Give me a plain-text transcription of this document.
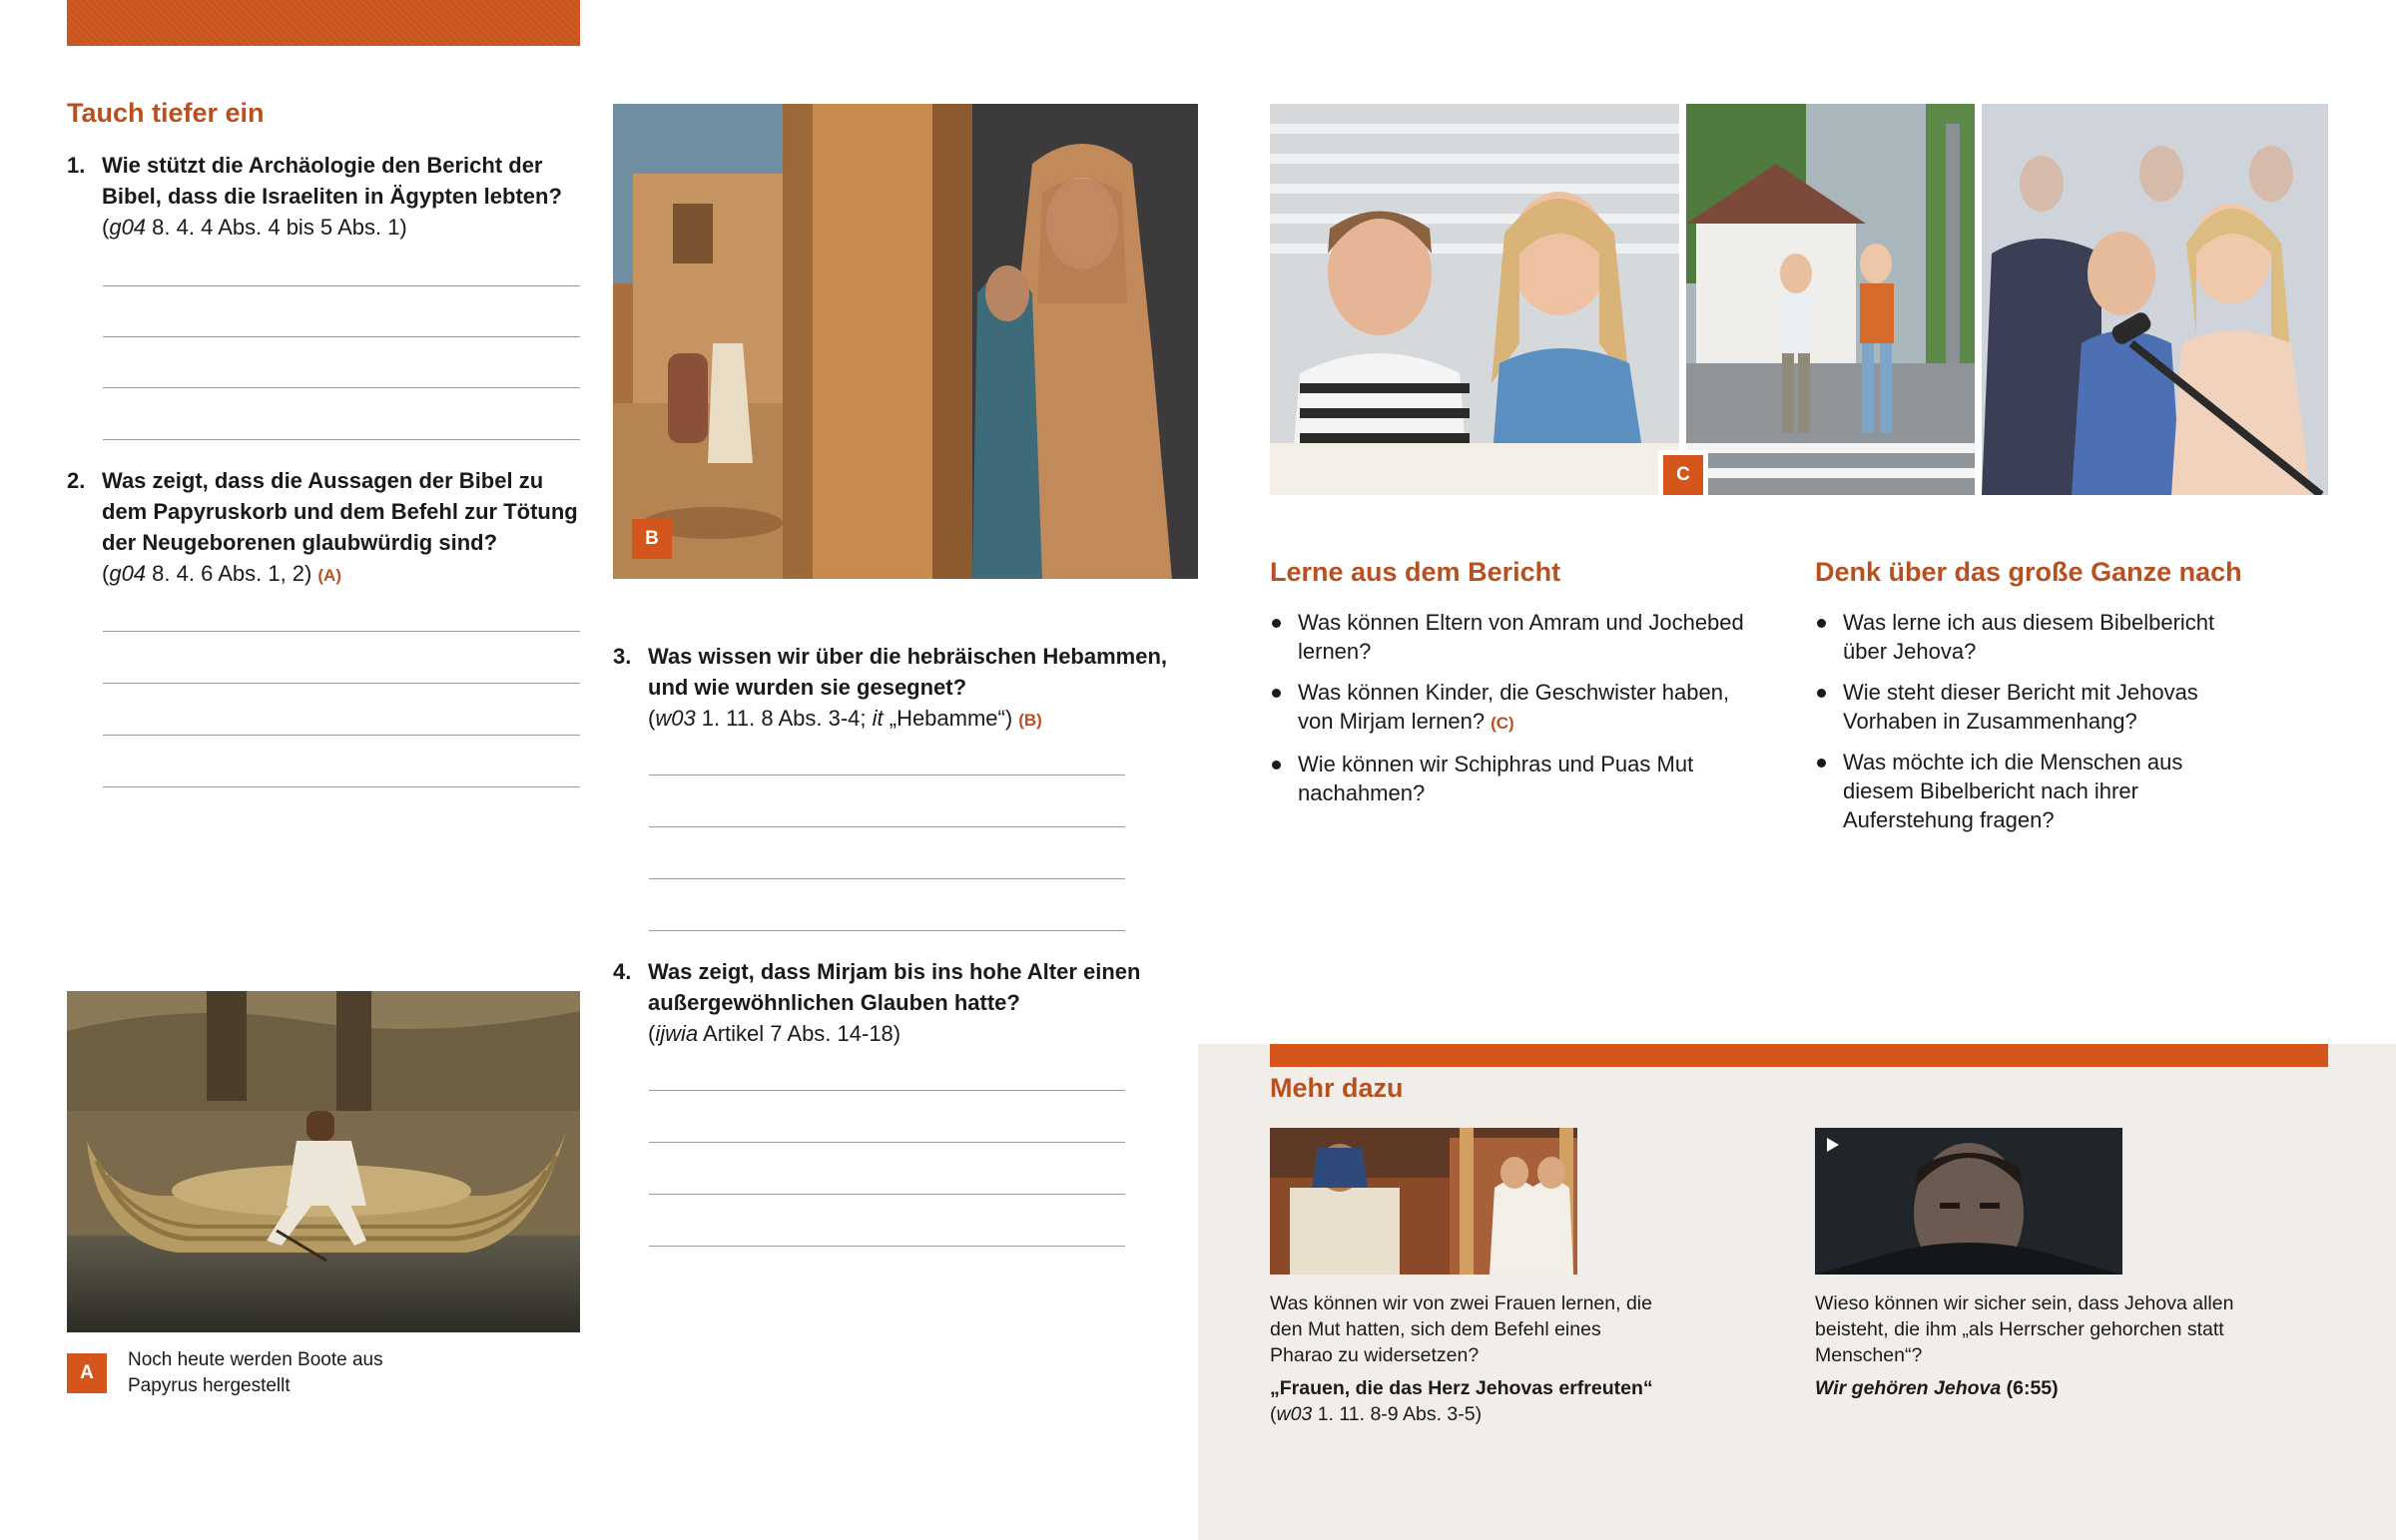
Tauch tiefer ein
1. Wie stützt die Archäologie den Bericht der Bibel, dass die Israeliten in Ägypten lebten?
(g04 8. 4. 4 Abs. 4 bis 5 Abs. 1)
2. Was zeigt, dass die Aussagen der Bibel zu dem Papyruskorb und dem Befehl zur Tötung der Neugeborenen glaubwürdig sind?
(g04 8. 4. 6 Abs. 1, 2) (A)
A
Noch heute werden Boote aus Papyrus hergestellt
B
3. Was wissen wir über die hebräischen Hebammen, und wie wurden sie gesegnet?
(w03 1. 11. 8 Abs. 3-4; it „Hebamme“) (B)
4. Was zeigt, dass Mirjam bis ins hohe Alter einen außergewöhnlichen Glauben hatte?
(ijwia Artikel 7 Abs. 14-18)
C
Lerne aus dem Bericht
Was können Eltern von Amram und Jochebed lernen?
Was können Kinder, die Geschwister haben, von Mirjam lernen? (C)
Wie können wir Schiphras und Puas Mut nachahmen?
Denk über das große Ganze nach
Was lerne ich aus diesem Bibelbericht über Jehova?
Wie steht dieser Bericht mit Jehovas Vorhaben in Zusammenhang?
Was möchte ich die Menschen aus diesem Bibelbericht nach ihrer Auferstehung fragen?
Mehr dazu
Was können wir von zwei Frauen lernen, die den Mut hatten, sich dem Befehl eines Pharao zu widersetzen?
„Frauen, die das Herz Jehovas erfreuten“
(w03 1. 11. 8-9 Abs. 3-5)
Wieso können wir sicher sein, dass Jehova allen beisteht, die ihm „als Herrscher gehorchen statt Menschen“?
Wir gehören Jehova (6:55)
